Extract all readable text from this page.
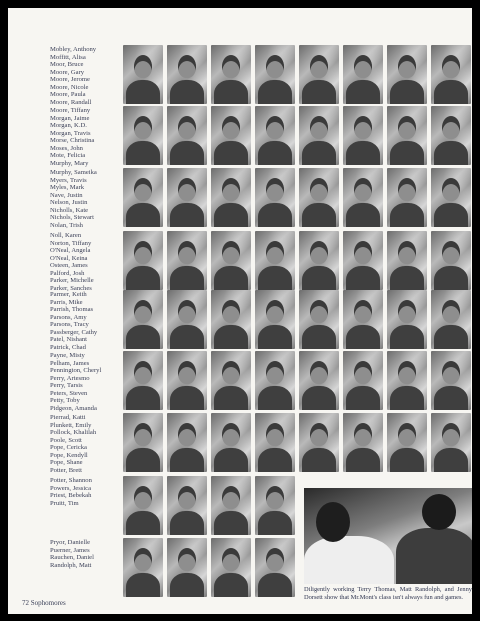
Mobley, Anthony
Moffitt, Alisa
Moor, Bruce
Moore, Gary
Moore, Jerome
Moore, Nicole
Moore, Paula
Moore, Randall
Moore, Tiffany
Morgan, Jaime
Morgan, K.D.
Morgan, Travis
Morse, Christina
Moses, John
Mote, Felicia
Murphy, Mary
Murphy, Sameika
Myers, Travis
Myles, Mark
Nave, Justin
Nelson, Justin
Nicholls, Kate
Nichols, Stewart
Nolan, Trish
Noll, Karen
Norton, Tiffany
O'Neal, Angela
O'Neal, Keina
Osteen, James
Palford, Josh
Parker, Michelle
Parker, Sanches
Parmer, Keith
Parris, Mike
Parrish, Thomas
Parsons, Amy
Parsons, Tracy
Passberger, Cathy
Patel, Nishant
Patrick, Chad
Payne, Misty
Pelham, James
Pennington, Cheryl
Perry, Artesmo
Perry, Tarsis
Peters, Steven
Petty, Toby
Pidgeon, Amanda
Pierrad, Katti
Plunkett, Emily
Pollock, Khalilah
Poole, Scott
Pope, Cericka
Pope, Kendyll
Pope, Shane
Potter, Brett
Potter, Shannon
Powers, Jessica
Priest, Bebekah
Pruitt, Tim
Pryor, Danielle
Puerner, James
Rauchen, Daniel
Randolph, Matt
Diligently working Terry Thomas, Matt Randolph, and Jenny Dorsett show that Mr.Mont's class isn't always fun and games.
72 Sophomores
